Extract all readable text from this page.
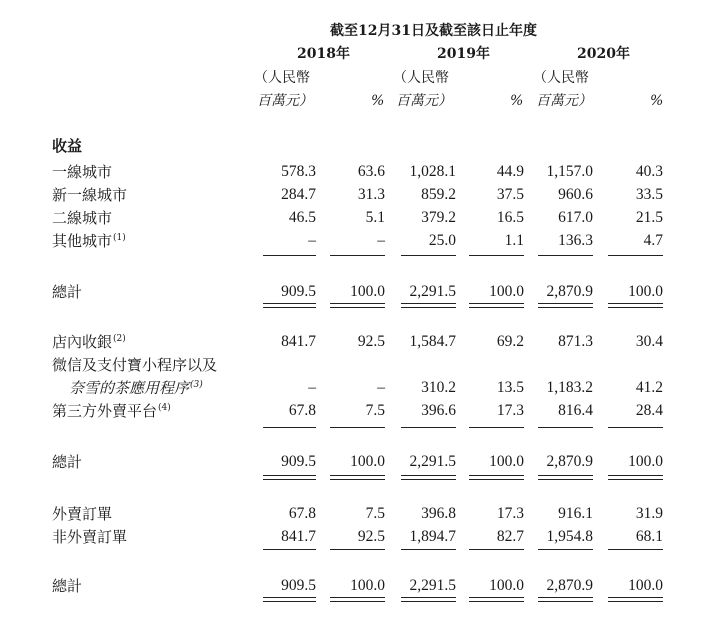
截至12月31日及截至該日止年度
2018年	2019年	2020年
（人民幣
百萬元）	%
（人民幣
百萬元）	%
（人民幣
百萬元）	%
收益
一線城市	578.3	63.6 1,028.1	44.9 1,157.0	40.3
新一線城市	284.7	31.3 859.2	37.5 960.6	33.5
二線城市	46.5	5.1 379.2	16.5 617.0	21.5
其他城市$^{(1)}$	–	–	25.0	1.1 136.3	4.7
總計	909.5 100.0 2,291.5 100.0 2,870.9 100.0
店內收銀$^{(2)}$	841.7	92.5 1,584.7	69.2 871.3	30.4
微信及支付寶小程序以及
奈雪的茶應用程序$^{(3)}$	–	– 310.2	13.5 1,183.2	41.2
第三方外賣平台$^{(4)}$	67.8	7.5 396.6	17.3 816.4	28.4
總計	909.5 100.0 2,291.5 100.0 2,870.9 100.0
外賣訂單	67.8	7.5 396.8	17.3 916.1	31.9
非外賣訂單	841.7	92.5 1,894.7	82.7 1,954.8	68.1
總計	909.5 100.0 2,291.5 100.0 2,870.9 100.0
